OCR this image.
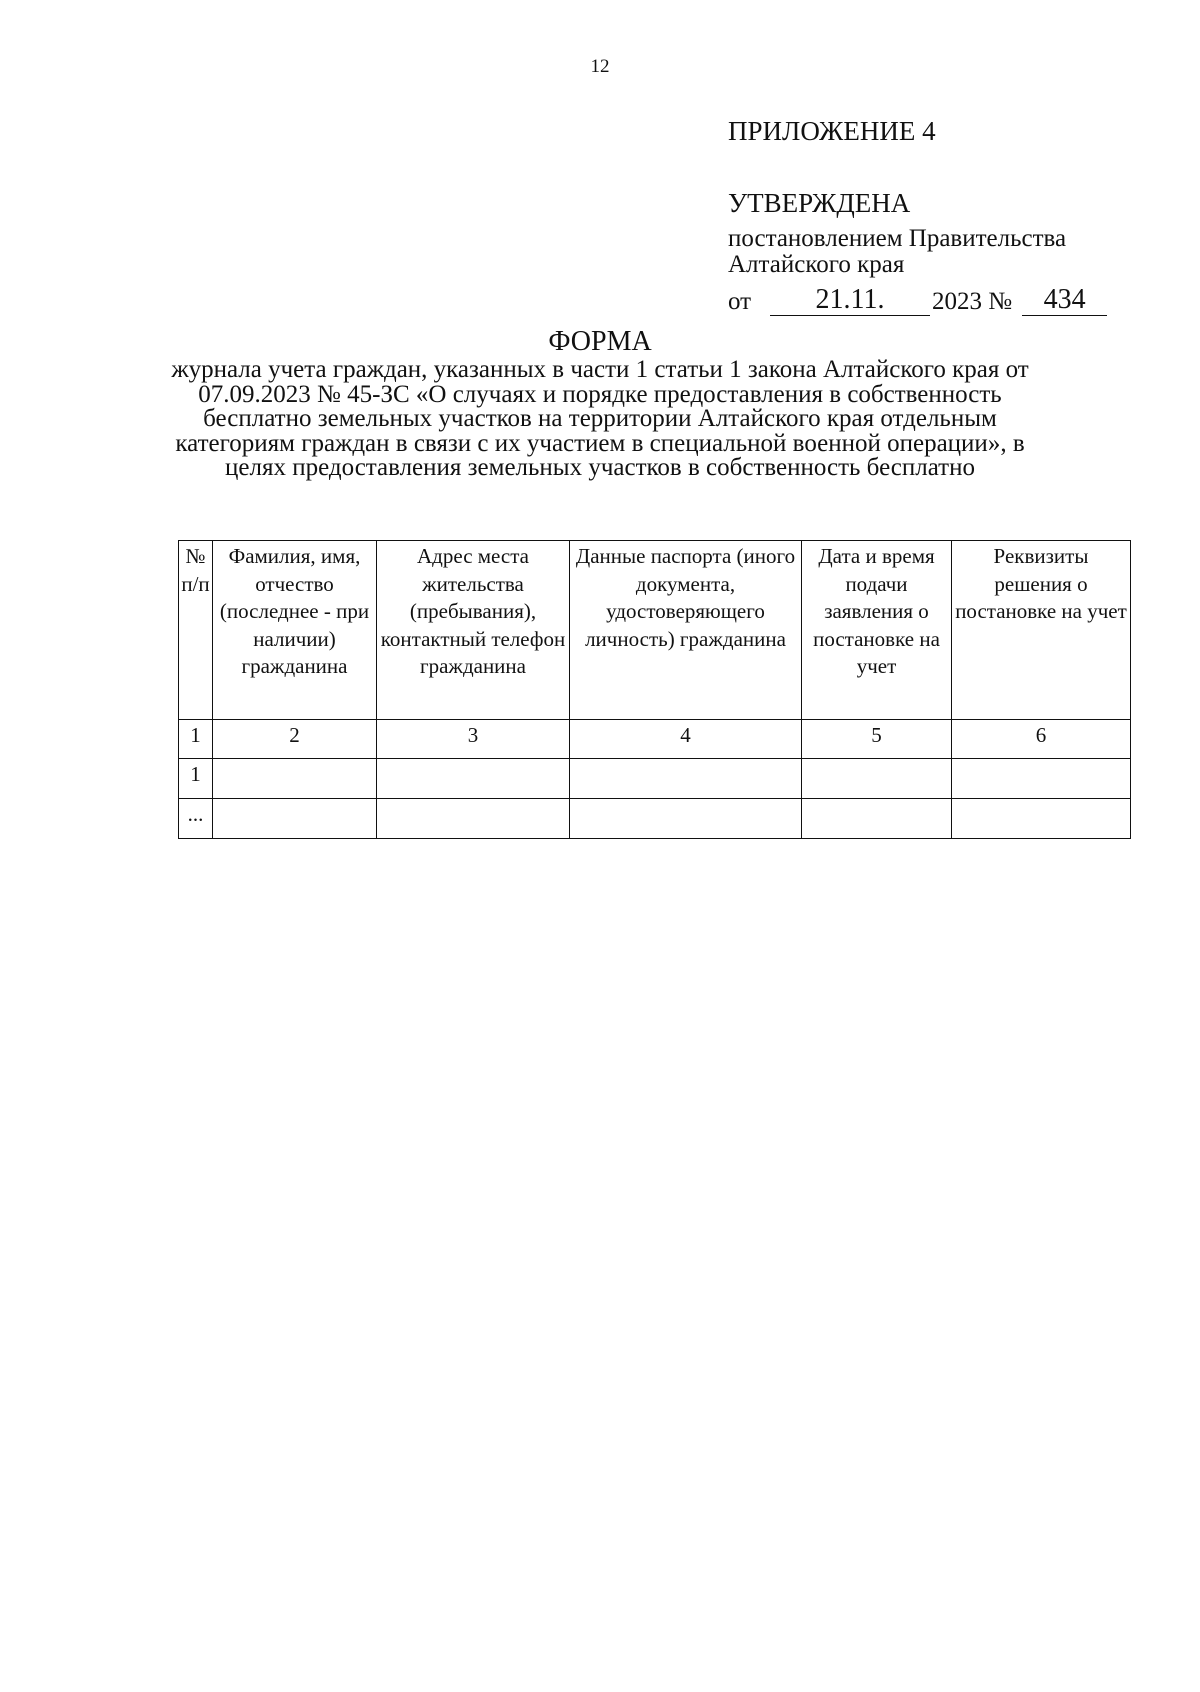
12

ПРИЛОЖЕНИЕ 4

УТВЕРЖДЕНА

постановлением Правительства Алтайского края

от	21.11.	2023 №	434

ФОРМА

журнала учета граждан, указанных в части 1 статьи 1 закона Алтайского края от 07.09.2023 № 45-ЗС «О случаях и порядке предоставления в собственность бесплатно земельных участков на территории Алтайского края отдельным категориям граждан в связи с их участием в специальной военной операции», в целях предоставления земельных участков в собственность бесплатно

№ п/п	Фамилия, имя, отчество (последнее - при наличии) гражданина	Адрес места жительства (пребывания), контактный телефон гражданина	Данные паспорта (иного документа, удостоверяющего личность) гражданина	Дата и время подачи заявления о постановке на учет	Реквизиты решения о постановке на учет
1	2	3	4	5	6
1					
...					
